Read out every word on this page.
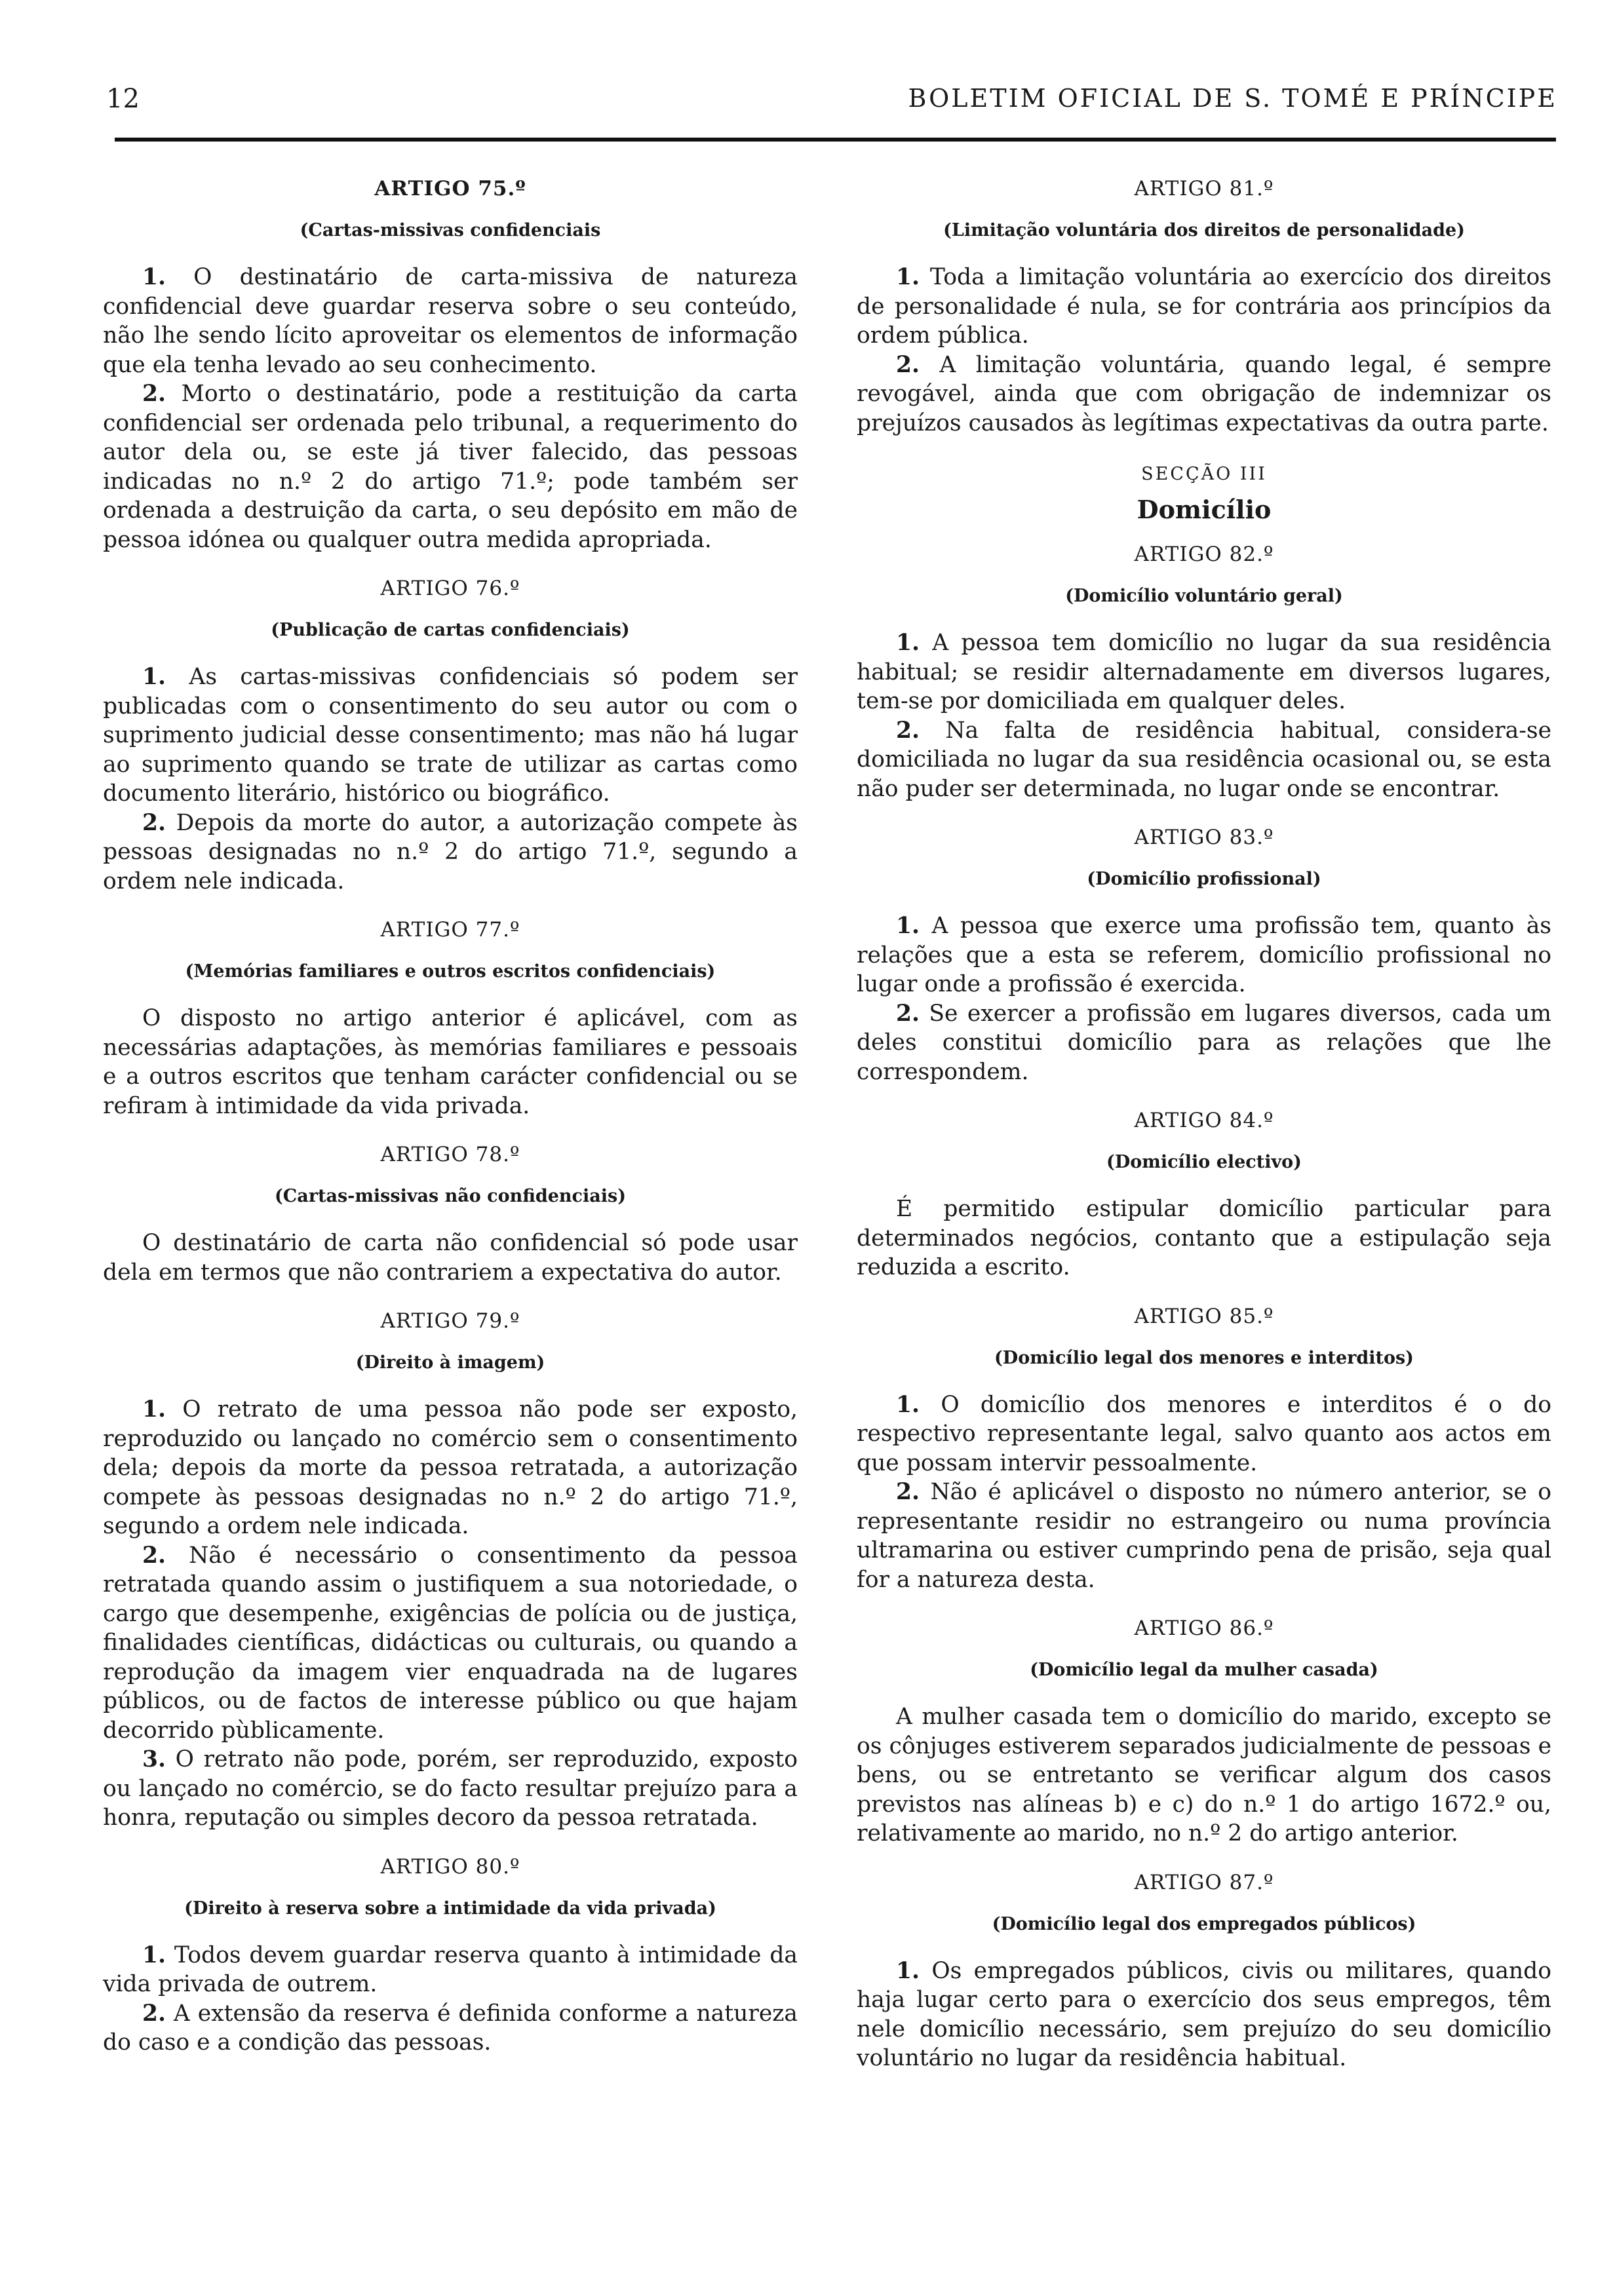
12	BOLETIM OFICIAL DE S. TOMÉ E PRÍNCIPE
ARTIGO 75.º
(Cartas-missivas confidenciais

1. O destinatário de carta-missiva de natureza confidencial deve guardar reserva sobre o seu conteúdo, não lhe sendo lícito aproveitar os elementos de informação que ela tenha levado ao seu conhecimento.

2. Morto o destinatário, pode a restituição da carta confidencial ser ordenada pelo tribunal, a requerimento do autor dela ou, se este já tiver falecido, das pessoas indicadas no n.º 2 do artigo 71.º; pode também ser ordenada a destruição da carta, o seu depósito em mão de pessoa idónea ou qualquer outra medida apropriada.

ARTIGO 76.º
(Publicação de cartas confidenciais)

1. As cartas-missivas confidenciais só podem ser publicadas com o consentimento do seu autor ou com o suprimento judicial desse consentimento; mas não há lugar ao suprimento quando se trate de utilizar as cartas como documento literário, histórico ou biográfico.

2. Depois da morte do autor, a autorização compete às pessoas designadas no n.º 2 do artigo 71.º, segundo a ordem nele indicada.

ARTIGO 77.º
(Memórias familiares e outros escritos confidenciais)

O disposto no artigo anterior é aplicável, com as necessárias adaptações, às memórias familiares e pessoais e a outros escritos que tenham carácter confidencial ou se refiram à intimidade da vida privada.

ARTIGO 78.º
(Cartas-missivas não confidenciais)

O destinatário de carta não confidencial só pode usar dela em termos que não contrariem a expectativa do autor.

ARTIGO 79.º
(Direito à imagem)

1. O retrato de uma pessoa não pode ser exposto, reproduzido ou lançado no comércio sem o consentimento dela; depois da morte da pessoa retratada, a autorização compete às pessoas designadas no n.º 2 do artigo 71.º, segundo a ordem nele indicada.

2. Não é necessário o consentimento da pessoa retratada quando assim o justifiquem a sua notoriedade, o cargo que desempenhe, exigências de polícia ou de justiça, finalidades científicas, didácticas ou culturais, ou quando a reprodução da imagem vier enquadrada na de lugares públicos, ou de factos de interesse público ou que hajam decorrido pùblicamente.

3. O retrato não pode, porém, ser reproduzido, exposto ou lançado no comércio, se do facto resultar prejuízo para a honra, reputação ou simples decoro da pessoa retratada.

ARTIGO 80.º
(Direito à reserva sobre a intimidade da vida privada)

1. Todos devem guardar reserva quanto à intimidade da vida privada de outrem.

2. A extensão da reserva é definida conforme a natureza do caso e a condição das pessoas.

ARTIGO 81.º
(Limitação voluntária dos direitos de personalidade)

1. Toda a limitação voluntária ao exercício dos direitos de personalidade é nula, se for contrária aos princípios da ordem pública.

2. A limitação voluntária, quando legal, é sempre revogável, ainda que com obrigação de indemnizar os prejuízos causados às legítimas expectativas da outra parte.

SECÇÃO III
Domicílio
ARTIGO 82.º
(Domicílio voluntário geral)

1. A pessoa tem domicílio no lugar da sua residência habitual; se residir alternadamente em diversos lugares, tem-se por domiciliada em qualquer deles.

2. Na falta de residência habitual, considera-se domiciliada no lugar da sua residência ocasional ou, se esta não puder ser determinada, no lugar onde se encontrar.

ARTIGO 83.º
(Domicílio profissional)

1. A pessoa que exerce uma profissão tem, quanto às relações que a esta se referem, domicílio profissional no lugar onde a profissão é exercida.

2. Se exercer a profissão em lugares diversos, cada um deles constitui domicílio para as relações que lhe correspondem.

ARTIGO 84.º
(Domicílio electivo)

É permitido estipular domicílio particular para determinados negócios, contanto que a estipulação seja reduzida a escrito.

ARTIGO 85.º
(Domicílio legal dos menores e interditos)

1. O domicílio dos menores e interditos é o do respectivo representante legal, salvo quanto aos actos em que possam intervir pessoalmente.

2. Não é aplicável o disposto no número anterior, se o representante residir no estrangeiro ou numa província ultramarina ou estiver cumprindo pena de prisão, seja qual for a natureza desta.

ARTIGO 86.º
(Domicílio legal da mulher casada)

A mulher casada tem o domicílio do marido, excepto se os cônjuges estiverem separados judicialmente de pessoas e bens, ou se entretanto se verificar algum dos casos previstos nas alíneas b) e c) do n.º 1 do artigo 1672.º ou, relativamente ao marido, no n.º 2 do artigo anterior.

ARTIGO 87.º
(Domicílio legal dos empregados públicos)

1. Os empregados públicos, civis ou militares, quando haja lugar certo para o exercício dos seus empregos, têm nele domicílio necessário, sem prejuízo do seu domicílio voluntário no lugar da residência habitual.
